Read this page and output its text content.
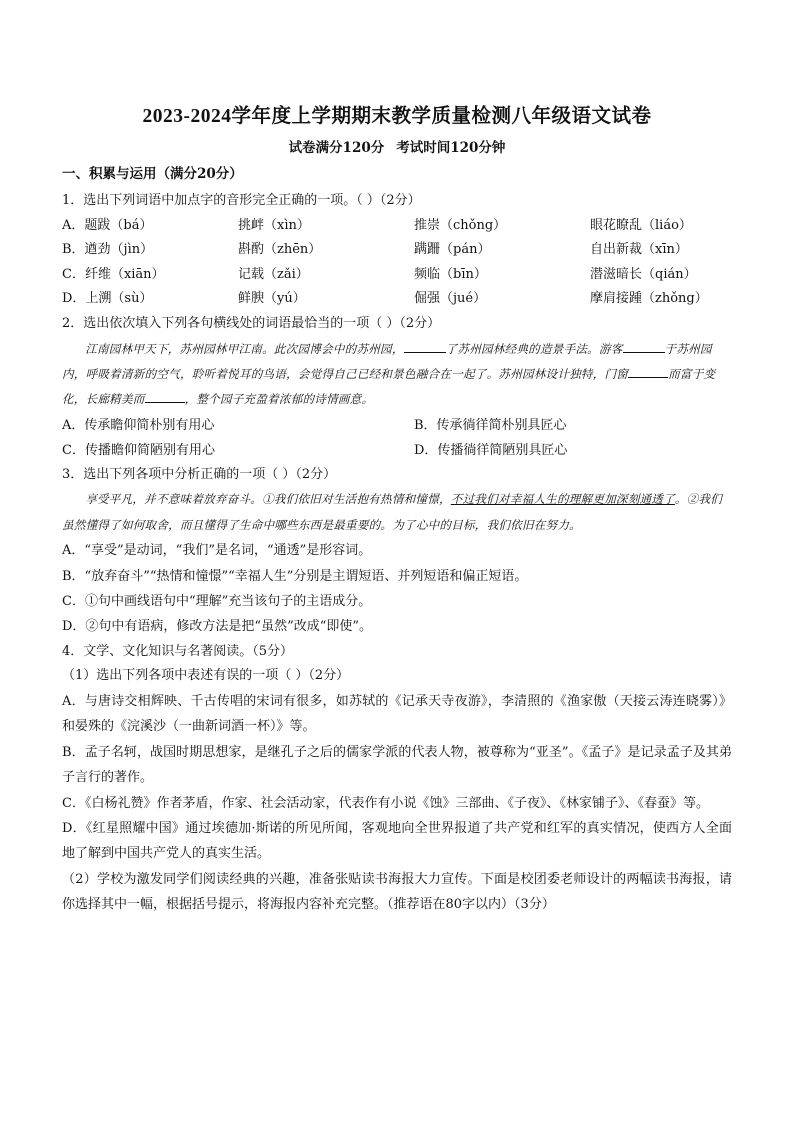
2023-2024学年度上学期期末教学质量检测八年级语文试卷
试卷满分120分 考试时间120分钟
一、积累与运用（满分20分）

1．选出下列词语中加点字的音形完全正确的一项。（ ）（2分）

A．题跋（bá）	挑衅（xìn）	推崇（chǒng）	眼花瞭乱（liáo）
B．遒劲（jìn）	斟酌（zhēn）	蹒跚（pán）	自出新裁（xīn）
C．纤维（xiān）	记载（zǎi）	频临（bīn）	潜滋暗长（qián）
D．上溯（sù）	鲜腴（yú）	倔强（jué）	摩肩接踵（zhǒng）

2．选出依次填入下列各句横线处的词语最恰当的一项（ ）（2分）

江南园林甲天下，苏州园林甲江南。此次园博会中的苏州园，	了苏州园林经典的造景手法。游客	于苏州园内，呼吸着清新的空气，聆听着悦耳的鸟语，会觉得自己已经和景色融合在一起了。苏州园林设计独特，门窗	而富于变化，长廊精美而	，整个园子充盈着浓郁的诗情画意。

A．传承瞻仰简朴别有用心	B．传承徜徉简朴别具匠心
C．传播瞻仰简陋别有用心	D．传播徜徉简陋别具匠心

3．选出下列各项中分析正确的一项（ ）（2分）

享受平凡，并不意味着放弃奋斗。①我们依旧对生活抱有热情和憧憬，不过我们对幸福人生的理解更加深刻通透了。②我们虽然懂得了如何取舍，而且懂得了生命中哪些东西是最重要的。为了心中的目标，我们依旧在努力。

A．“享受”是动词，“我们”是名词，“通透”是形容词。

B．“放弃奋斗”“热情和憧憬”“幸福人生”分别是主谓短语、并列短语和偏正短语。

C．①句中画线语句中“理解”充当该句子的主语成分。

D．②句中有语病，修改方法是把“虽然”改成“即使”。

4．文学、文化知识与名著阅读。（5分）

（1）选出下列各项中表述有误的一项（ ）（2分）

A．与唐诗交相辉映、千古传唱的宋词有很多，如苏轼的《记承天寺夜游》，李清照的《渔家傲（天接云涛连晓雾）》和晏殊的《浣溪沙（一曲新词酒一杯）》等。

B．孟子名轲，战国时期思想家，是继孔子之后的儒家学派的代表人物，被尊称为“亚圣”。《孟子》是记录孟子及其弟子言行的著作。

C．《白杨礼赞》作者茅盾，作家、社会活动家，代表作有小说《蚀》三部曲、《子夜》、《林家铺子》、《春蚕》等。

D．《红星照耀中国》通过埃德加·斯诺的所见所闻，客观地向全世界报道了共产党和红军的真实情况，使西方人全面地了解到中国共产党人的真实生活。

（2）学校为激发同学们阅读经典的兴趣，准备张贴读书海报大力宣传。下面是校团委老师设计的两幅读书海报，请你选择其中一幅，根据括号提示，将海报内容补充完整。（推荐语在80字以内）（3分）
